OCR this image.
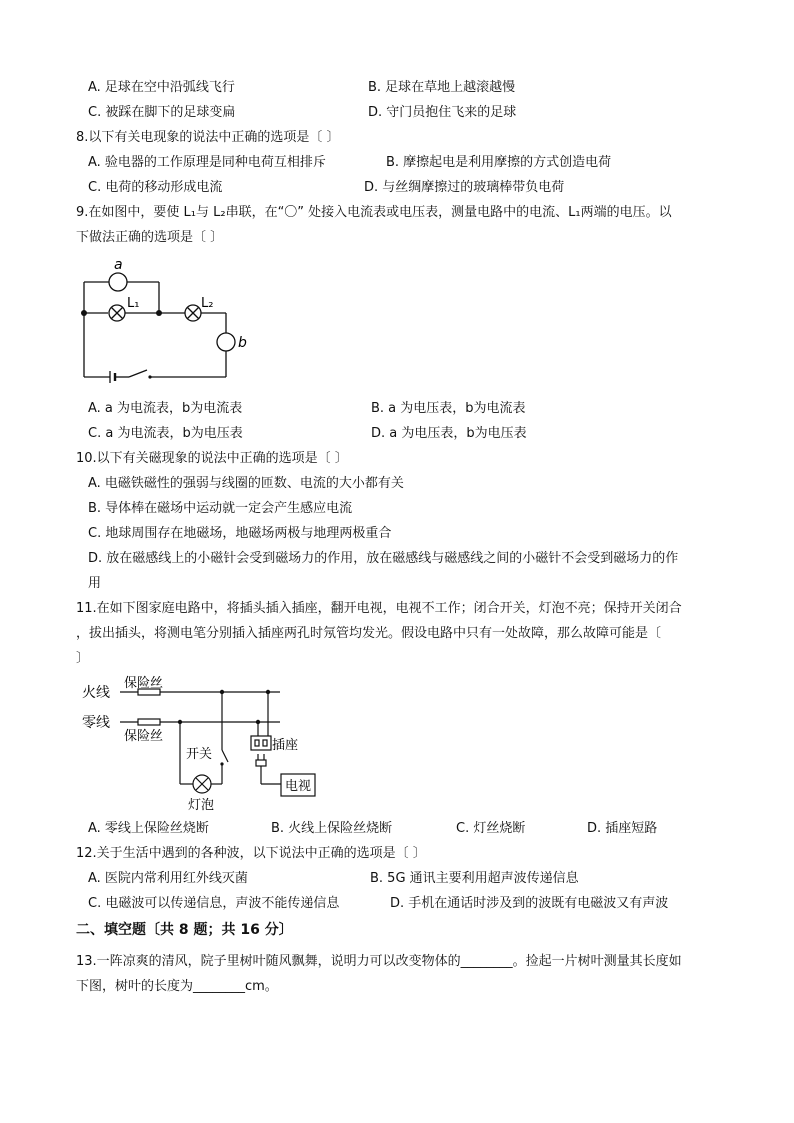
A. 足球在空中沿弧线飞行	B. 足球在草地上越滚越慢
C. 被踩在脚下的足球变扁	D. 守门员抱住飞来的足球
8.以下有关电现象的说法中正确的选项是〔 〕
A. 验电器的工作原理是同种电荷互相排斥	B. 摩擦起电是利用摩擦的方式创造电荷
C. 电荷的移动形成电流	D. 与丝绸摩擦过的玻璃棒带负电荷
9.在如图中，要使 L₁与 L₂串联，在“〇” 处接入电流表或电压表，测量电路中的电流、L₁两端的电压。以
下做法正确的选项是〔 〕
a
L₁	L₂
b
A. a 为电流表，b为电流表	B. a 为电压表，b为电流表
C. a 为电流表，b为电压表	D. a 为电压表，b为电压表
10.以下有关磁现象的说法中正确的选项是〔 〕
A. 电磁铁磁性的强弱与线圈的匝数、电流的大小都有关
B. 导体棒在磁场中运动就一定会产生感应电流
C. 地球周围存在地磁场，地磁场两极与地理两极重合
D. 放在磁感线上的小磁针会受到磁场力的作用，放在磁感线与磁感线之间的小磁针不会受到磁场力的作
用
11.在如下图家庭电路中，将插头插入插座，翻开电视，电视不工作；闭合开关，灯泡不亮；保持开关闭合
，拔出插头，将测电笔分别插入插座两孔时氖管均发光。假设电路中只有一处故障，那么故障可能是〔
〕
火线
保险丝
零线
保险丝
开关
插座
电视
灯泡
A. 零线上保险丝烧断	B. 火线上保险丝烧断	C. 灯丝烧断	D. 插座短路
12.关于生活中遇到的各种波，以下说法中正确的选项是〔 〕
A. 医院内常利用红外线灭菌	B. 5G 通讯主要利用超声波传递信息
C. 电磁波可以传递信息，声波不能传递信息	D. 手机在通话时涉及到的波既有电磁波又有声波
二、填空题〔共 8 题；共 16 分〕
13.一阵凉爽的清风，院子里树叶随风飘舞，说明力可以改变物体的________。捡起一片树叶测量其长度如
下图，树叶的长度为________cm。
